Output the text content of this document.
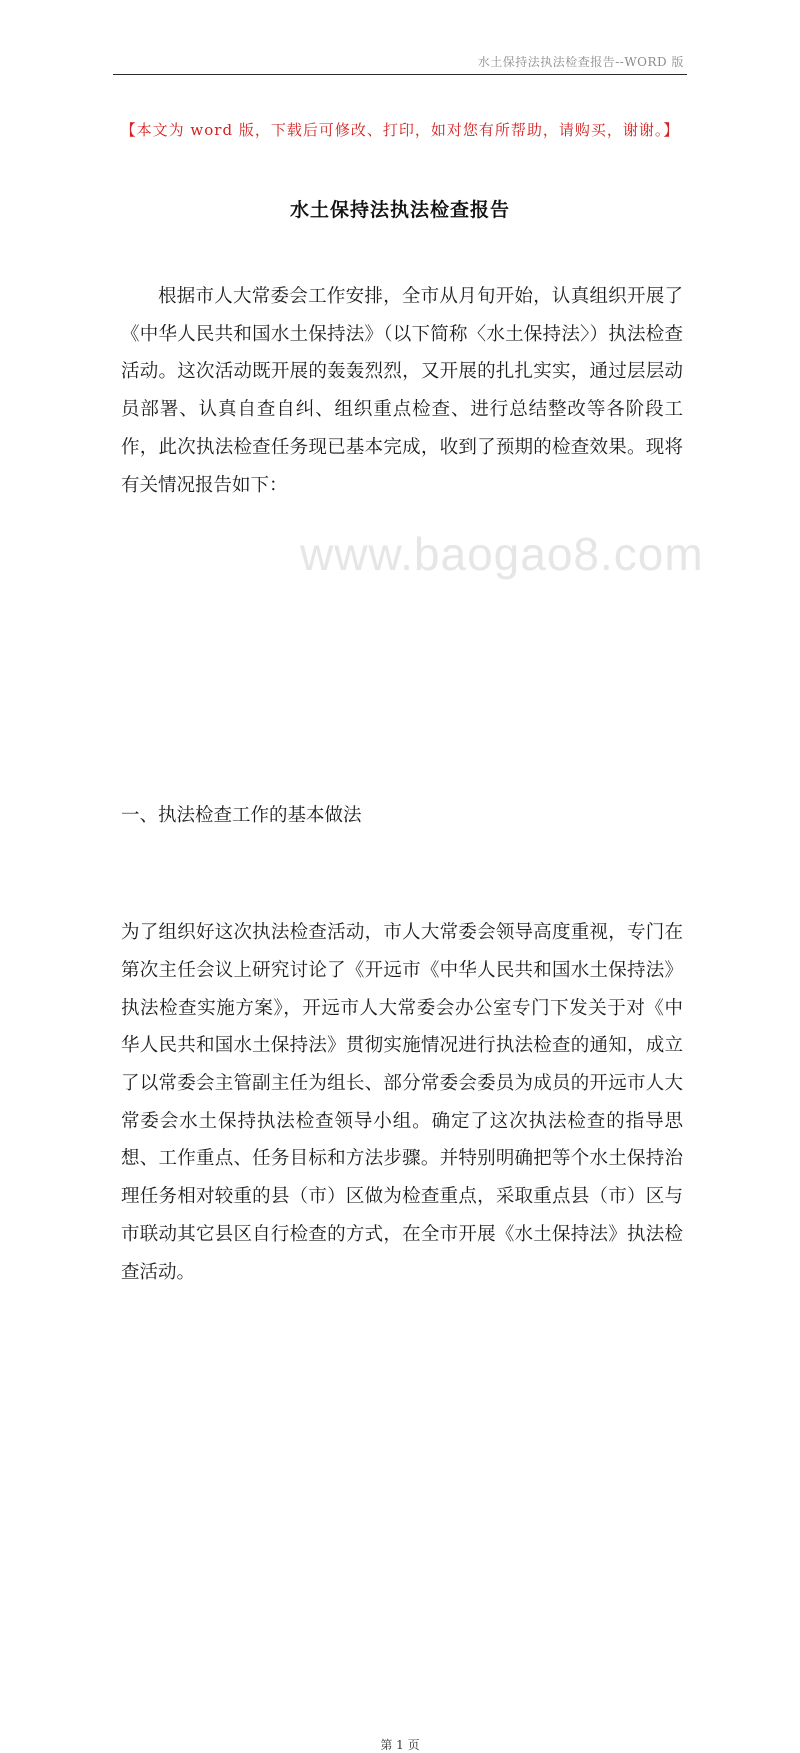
水土保持法执法检查报告--WORD 版
www.baogao8.com
【本文为 word 版，下载后可修改、打印，如对您有所帮助，请购买，谢谢。】
水土保持法执法检查报告

根据市人大常委会工作安排，全市从月旬开始，认真组织开展了《中华人民共和国水土保持法》（以下简称〈水土保持法〉）执法检查活动。这次活动既开展的轰轰烈烈，又开展的扎扎实实，通过层层动员部署、认真自查自纠、组织重点检查、进行总结整改等各阶段工作，此次执法检查任务现已基本完成，收到了预期的检查效果。现将有关情况报告如下：

一、执法检查工作的基本做法

为了组织好这次执法检查活动，市人大常委会领导高度重视，专门在第次主任会议上研究讨论了《开远市《中华人民共和国水土保持法》执法检查实施方案》，开远市人大常委会办公室专门下发关于对《中华人民共和国水土保持法》贯彻实施情况进行执法检查的通知，成立了以常委会主管副主任为组长、部分常委会委员为成员的开远市人大常委会水土保持执法检查领导小组。确定了这次执法检查的指导思想、工作重点、任务目标和方法步骤。并特别明确把等个水土保持治理任务相对较重的县（市）区做为检查重点，采取重点县（市）区与市联动其它县区自行检查的方式，在全市开展《水土保持法》执法检查活动。

第 1 页
